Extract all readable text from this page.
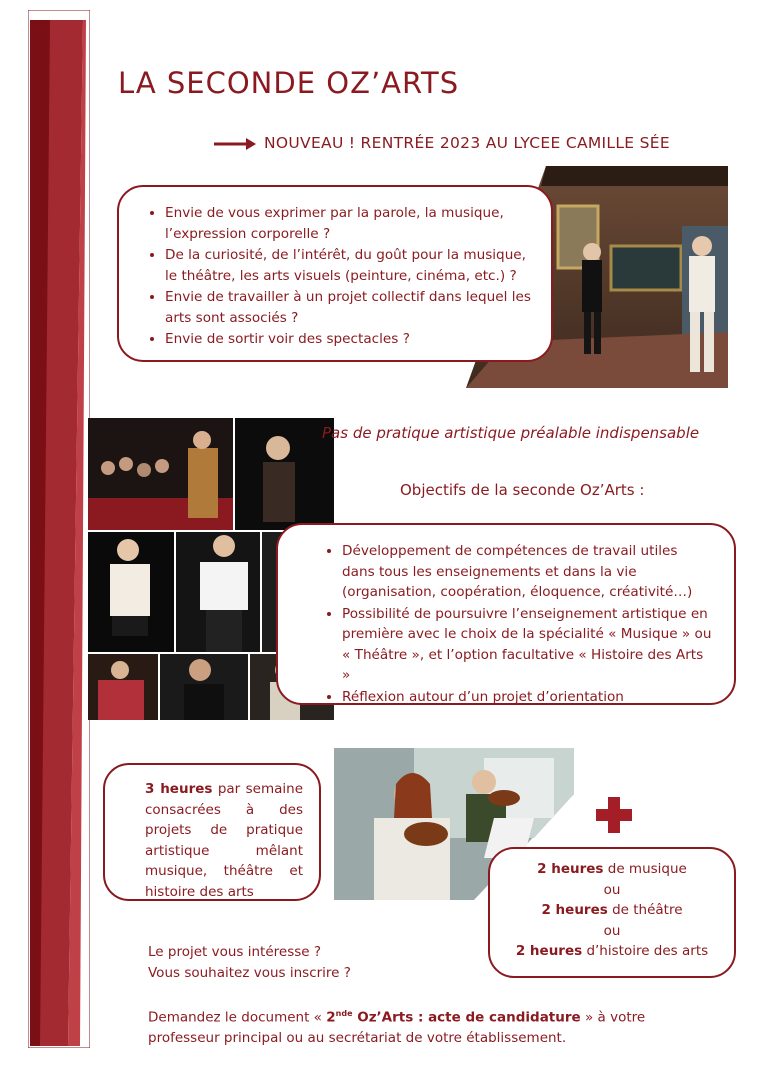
LA SECONDE OZ’ARTS
NOUVEAU ! RENTRÉE 2023 AU LYCEE CAMILLE SÉE
• Envie de vous exprimer par la parole, la musique, l’expression corporelle ?
• De la curiosité, de l’intérêt, du goût pour la musique, le théâtre, les arts visuels (peinture, cinéma, etc.) ?
• Envie de travailler à un projet collectif dans lequel les arts sont associés ?
• Envie de sortir voir des spectacles ?
Pas de pratique artistique préalable indispensable
Objectifs de la seconde Oz’Arts :
• Développement de compétences de travail utiles dans tous les enseignements et dans la vie (organisation, coopération, éloquence, créativité…)
• Possibilité de poursuivre l’enseignement artistique en première avec le choix de la spécialité « Musique » ou « Théâtre », et l’option facultative « Histoire des Arts »
• Réflexion autour d’un projet d’orientation
3 heures par semaine consacrées à des projets de pratique artistique mêlant musique, théâtre et histoire des arts
2 heures de musique
ou
2 heures de théâtre
ou
2 heures d’histoire des arts
Le projet vous intéresse ?
Vous souhaitez vous inscrire ?
Demandez le document « 2nde Oz’Arts : acte de candidature » à votre professeur principal ou au secrétariat de votre établissement.
